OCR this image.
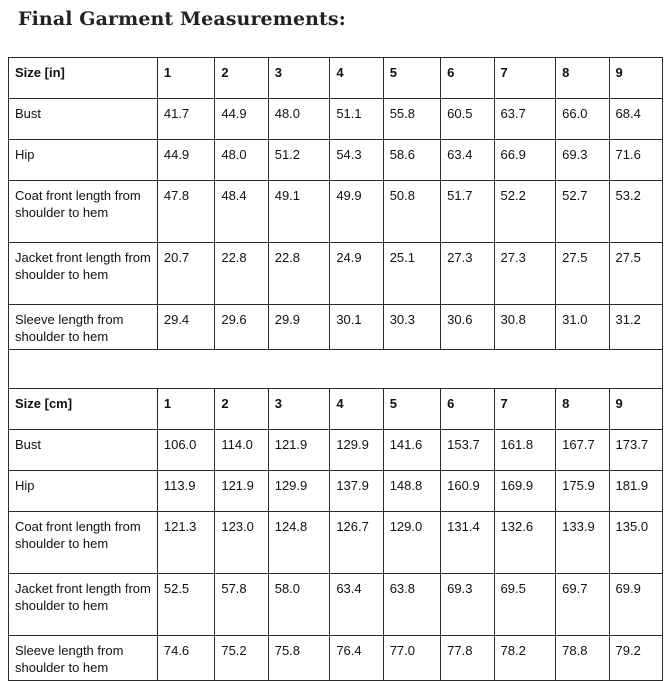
Final Garment Measurements:
Size [in]	1	2	3	4	5	6	7	8	9
Bust	41.7	44.9	48.0	51.1	55.8	60.5	63.7	66.0	68.4
Hip	44.9	48.0	51.2	54.3	58.6	63.4	66.9	69.3	71.6
Coat front length from shoulder to hem	47.8	48.4	49.1	49.9	50.8	51.7	52.2	52.7	53.2
Jacket front length from shoulder to hem	20.7	22.8	22.8	24.9	25.1	27.3	27.3	27.5	27.5
Sleeve length from shoulder to hem	29.4	29.6	29.9	30.1	30.3	30.6	30.8	31.0	31.2

Size [cm]	1	2	3	4	5	6	7	8	9
Bust	106.0	114.0	121.9	129.9	141.6	153.7	161.8	167.7	173.7
Hip	113.9	121.9	129.9	137.9	148.8	160.9	169.9	175.9	181.9
Coat front length from shoulder to hem	121.3	123.0	124.8	126.7	129.0	131.4	132.6	133.9	135.0
Jacket front length from shoulder to hem	52.5	57.8	58.0	63.4	63.8	69.3	69.5	69.7	69.9
Sleeve length from shoulder to hem	74.6	75.2	75.8	76.4	77.0	77.8	78.2	78.8	79.2
